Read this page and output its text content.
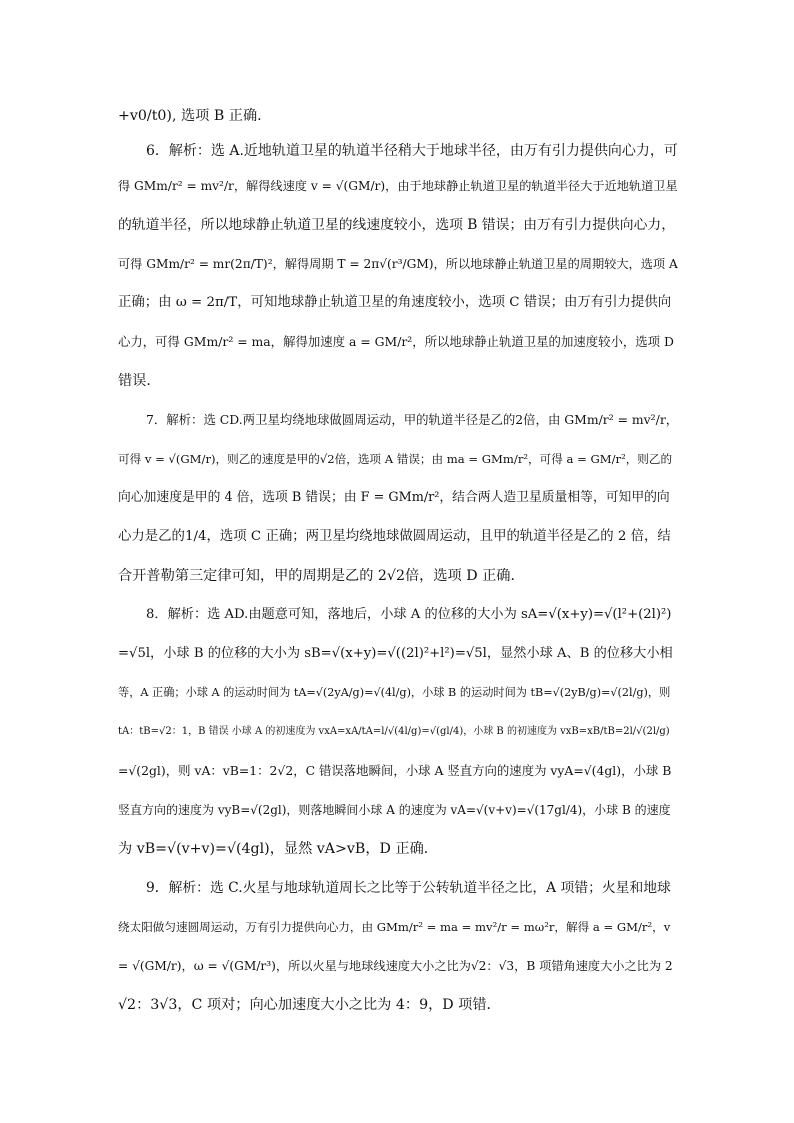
+v0/t0), 选项 B 正确.
6．解析：选 A.近地轨道卫星的轨道半径稍大于地球半径，由万有引力提供向心力，可
得 GMm/r² = mv²/r，解得线速度 v = √(GM/r)，由于地球静止轨道卫星的轨道半径大于近地轨道卫星
的轨道半径，所以地球静止轨道卫星的线速度较小，选项 B 错误；由万有引力提供向心力，
可得 GMm/r² = mr(2π/T)²，解得周期 T = 2π√(r³/GM)，所以地球静止轨道卫星的周期较大，选项 A
正确；由 ω = 2π/T，可知地球静止轨道卫星的角速度较小，选项 C 错误；由万有引力提供向
心力，可得 GMm/r² = ma，解得加速度 a = GM/r²，所以地球静止轨道卫星的加速度较小，选项 D
错误．
7．解析：选 CD.两卫星均绕地球做圆周运动，甲的轨道半径是乙的2倍，由 GMm/r² = mv²/r，
可得 v = √(GM/r)，则乙的速度是甲的√2倍，选项 A 错误；由 ma = GMm/r²，可得 a = GM/r²，则乙的
向心加速度是甲的 4 倍，选项 B 错误；由 F = GMm/r²，结合两人造卫星质量相等，可知甲的向
心力是乙的1/4，选项 C 正确；两卫星均绕地球做圆周运动，且甲的轨道半径是乙的 2 倍，结
合开普勒第三定律可知，甲的周期是乙的 2√2倍，选项 D 正确．
8．解析：选 AD.由题意可知，落地后，小球 A 的位移的大小为 sA=√(x+y)=√(l²+(2l)²)
=√5l，小球 B 的位移的大小为 sB=√(x+y)=√((2l)²+l²)=√5l，显然小球 A、B 的位移大小相
等，A 正确；小球 A 的运动时间为 tA=√(2yA/g)=√(4l/g)，小球 B 的运动时间为 tB=√(2yB/g)=√(2l/g)，则
tA：tB=√2：1，B 错误 小球 A 的初速度为 vxA=xA/tA=l/√(4l/g)=√(gl/4)，小球 B 的初速度为 vxB=xB/tB=2l/√(2l/g)
=√(2gl)，则 vA：vB=1：2√2，C 错误落地瞬间，小球 A 竖直方向的速度为 vyA=√(4gl)，小球 B
竖直方向的速度为 vyB=√(2gl)，则落地瞬间小球 A 的速度为 vA=√(v+v)=√(17gl/4)，小球 B 的速度
为 vB=√(v+v)=√(4gl)，显然 vA>vB，D 正确．
9．解析：选 C.火星与地球轨道周长之比等于公转轨道半径之比，A 项错；火星和地球
绕太阳做匀速圆周运动，万有引力提供向心力，由 GMm/r² = ma = mv²/r = mω²r，解得 a = GM/r²，v
= √(GM/r)，ω = √(GM/r³)，所以火星与地球线速度大小之比为√2：√3，B 项错角速度大小之比为 2
√2：3√3，C 项对；向心加速度大小之比为 4：9，D 项错．
